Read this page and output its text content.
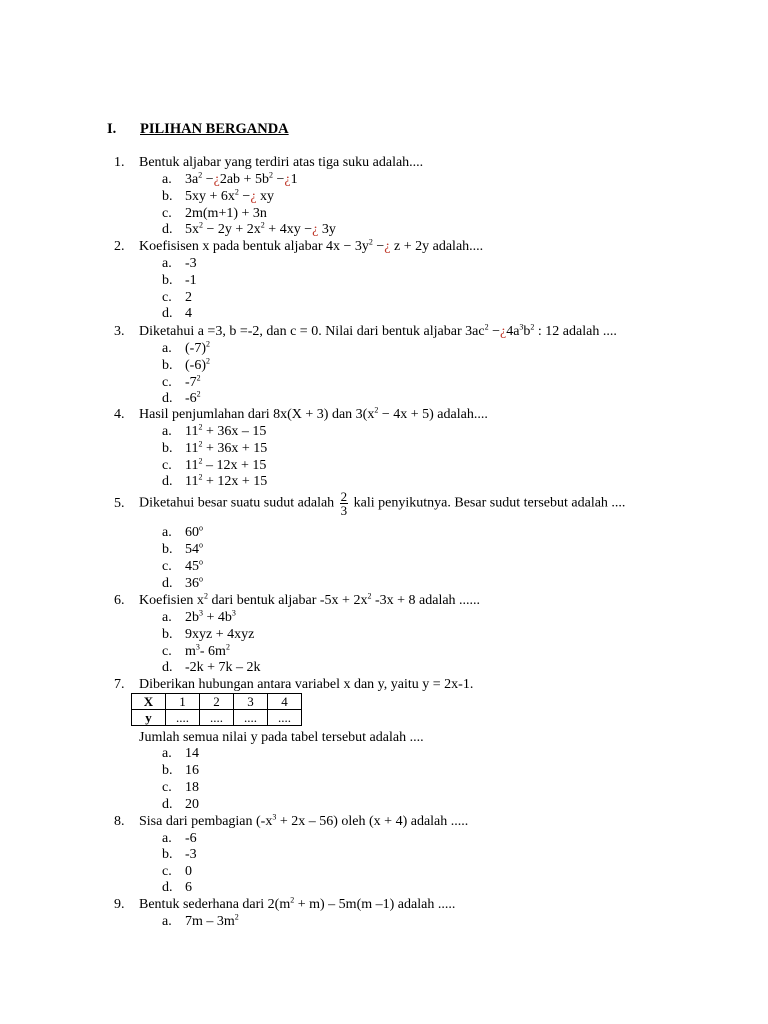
I. PILIHAN BERGANDA
1. Bentuk aljabar yang terdiri atas tiga suku adalah....
a. $3a^2$ −¿2ab + $5b^2$ −¿1
b. $5xy + 6x^2$ −¿ xy
c. 2m(m+1) + 3n
d. $5x^2 - 2y + 2x^2 + 4xy$ −¿ 3y
2. Koefisisen x pada bentuk aljabar $4x - 3y^2$ −¿ z + 2y adalah....
a. -3
b. -1
c. 2
d. 4
3. Diketahui a =3, b =-2, dan c = 0. Nilai dari bentuk aljabar $3ac^2$ $-¿4a^3b^2$ : 12 adalah ....
a. $(-7)^2$
b. $(-6)^2$
c. $-7^2$
d. $-6^2$
4. Hasil penjumlahan dari 8x(X + 3) dan $3(x^2 - 4x + 5)$ adalah....
a. $11^2 + 36x - 15$
b. $11^2 + 36x + 15$
c. $11^2 - 12x + 15$
d. $11^2 + 12x + 15$
5. Diketahui besar suatu sudut adalah $\frac{2}{3}$ kali penyikutnya. Besar sudut tersebut adalah ....
a. 60$^o$
b. 54$^o$
c. 45$^o$
d. 36$^o$
6. Koefisien $x^2$ dari bentuk aljabar $-5x + 2x^2$ -3x + 8 adalah ......
a. $2b^3 + 4b^3$
b. 9xyz + 4xyz
c. $m^3-$ $6m^2$
d. -2k + 7k – 2k
7. Diberikan hubungan antara variabel x dan y, yaitu y = 2x-1.
X	1	2	3	4
y	....	....	....	....
Jumlah semua nilai y pada tabel tersebut adalah ....
a. 14
b. 16
c. 18
d. 20
8. Sisa dari pembagian $(-x^3 + 2x - 56)$ oleh (x + 4) adalah .....
a. -6
b. -3
c. 0
d. 6
9. Bentuk sederhana dari $2(m^2 + m) - 5m(m$ –1) adalah .....
a. $7m - 3m^2$
